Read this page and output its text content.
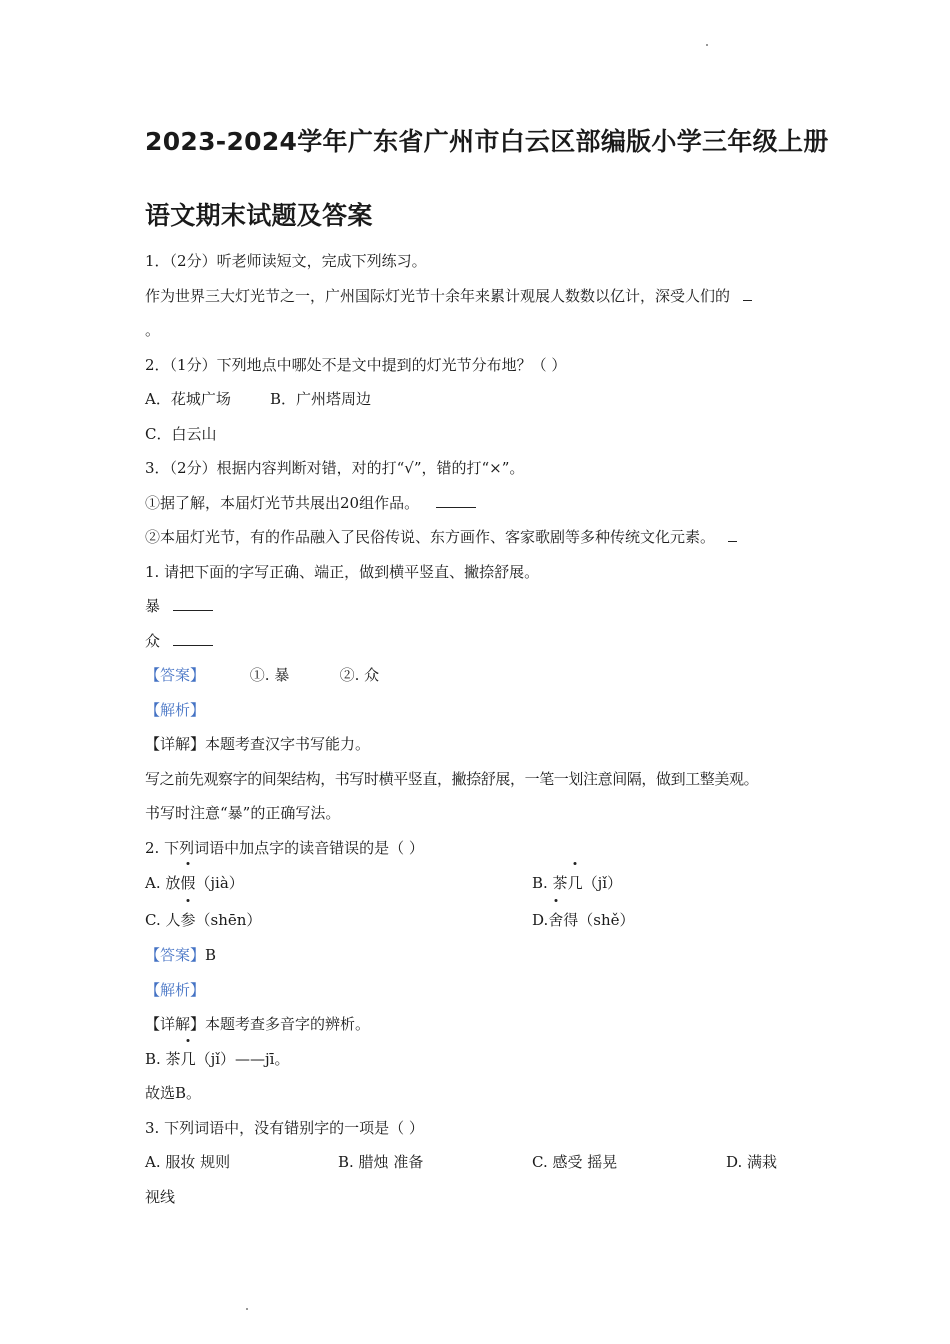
2023-2024学年广东省广州市白云区部编版小学三年级上册
语文期末试题及答案
1．（2分）听老师读短文，完成下列练习。
作为世界三大灯光节之一，广州国际灯光节十余年来累计观展人数数以亿计，深受人们的
。
2．（1分）下列地点中哪处不是文中提到的灯光节分布地？（ ）
A．花城广场	B．广州塔周边
C．白云山
3．（2分）根据内容判断对错，对的打“√”，错的打“×”。
①据了解，本届灯光节共展出20组作品。
②本届灯光节，有的作品融入了民俗传说、东方画作、客家歌剧等多种传统文化元素。
1. 请把下面的字写正确、端正，做到横平竖直、撇捺舒展。
暴
众
【答案】	①. 暴	②. 众
【解析】
【详解】本题考查汉字书写能力。
写之前先观察字的间架结构，书写时横平竖直，撇捺舒展，一笔一划注意间隔，做到工整美观。
书写时注意“暴”的正确写法。
2. 下列词语中加点字的读音错误的是（ ）
A. 放假（jià）	B. 茶几（jǐ）
C. 人参（shēn）	D.舍得（shě）
【答案】B
【解析】
【详解】本题考查多音字的辨析。
B. 茶几（jǐ）——jī。
故选B。
3. 下列词语中，没有错别字的一项是（ ）
A. 服妆 规则	B. 腊烛 准备	C. 感受 摇晃	D. 满栽
视线
